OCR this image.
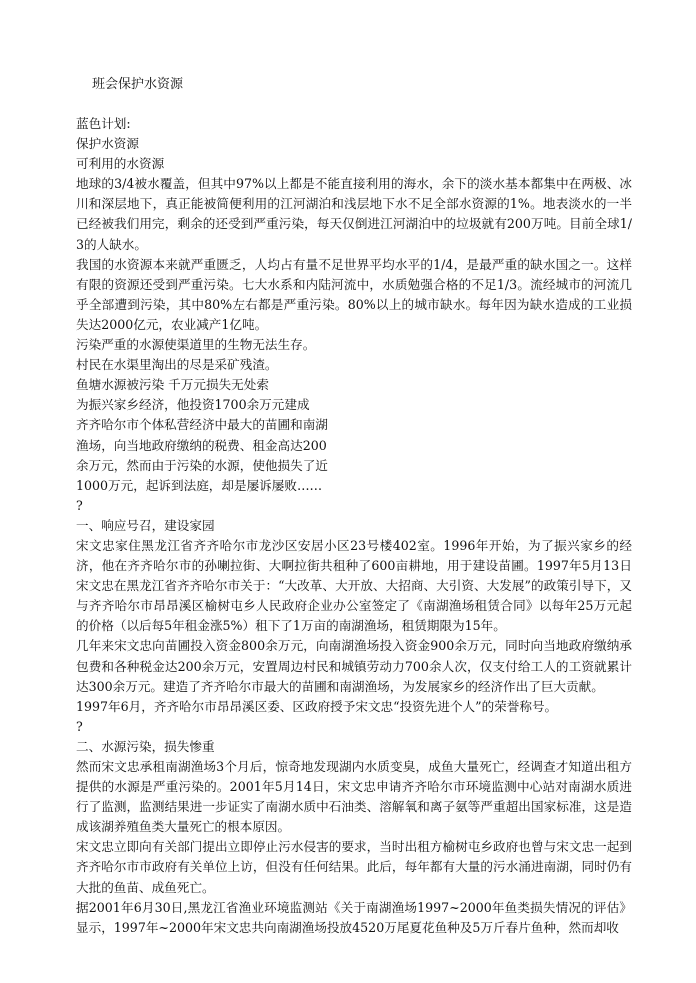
班会保护水资源
蓝色计划:
保护水资源
可利用的水资源
地球的3/4被水覆盖，但其中97%以上都是不能直接利用的海水，余下的淡水基本都集中在两极、冰川和深层地下，真正能被简便利用的江河湖泊和浅层地下水不足全部水资源的1%。地表淡水的一半已经被我们用完，剩余的还受到严重污染，每天仅倒进江河湖泊中的垃圾就有200万吨。目前全球1/3的人缺水。
我国的水资源本来就严重匮乏，人均占有量不足世界平均水平的1/4，是最严重的缺水国之一。这样有限的资源还受到严重污染。七大水系和内陆河流中，水质勉强合格的不足1/3。流经城市的河流几乎全部遭到污染，其中80%左右都是严重污染。80%以上的城市缺水。每年因为缺水造成的工业损失达2000亿元，农业减产1亿吨。
污染严重的水源使渠道里的生物无法生存。
村民在水渠里淘出的尽是采矿残渣。
鱼塘水源被污染 千万元损失无处索
为振兴家乡经济，他投资1700余万元建成
齐齐哈尔市个体私营经济中最大的苗圃和南湖
渔场，向当地政府缴纳的税费、租金高达200
余万元，然而由于污染的水源，使他损失了近
1000万元，起诉到法庭，却是屡诉屡败……
?
一、响应号召，建设家园
宋文忠家住黑龙江省齐齐哈尔市龙沙区安居小区23号楼402室。1996年开始，为了振兴家乡的经济，他在齐齐哈尔市的孙喇拉街、大啊拉街共租种了600亩耕地，用于建设苗圃。1997年5月13日宋文忠在黑龙江省齐齐哈尔市关于：“大改革、大开放、大招商、大引资、大发展”的政策引导下，又与齐齐哈尔市昂昂溪区榆树屯乡人民政府企业办公室签定了《南湖渔场租赁合同》以每年25万元起的价格（以后每5年租金涨5%）租下了1万亩的南湖渔场，租赁期限为15年。
几年来宋文忠向苗圃投入资金800余万元，向南湖渔场投入资金900余万元，同时向当地政府缴纳承包费和各种税金达200余万元，安置周边村民和城镇劳动力700余人次，仅支付给工人的工资就累计达300余万元。建造了齐齐哈尔市最大的苗圃和南湖渔场，为发展家乡的经济作出了巨大贡献。
1997年6月，齐齐哈尔市昂昂溪区委、区政府授予宋文忠“投资先进个人”的荣誉称号。
?
二、水源污染，损失惨重
然而宋文忠承租南湖渔场3个月后，惊奇地发现湖内水质变臭，成鱼大量死亡，经调查才知道出租方提供的水源是严重污染的。2001年5月14日，宋文忠申请齐齐哈尔市环境监测中心站对南湖水质进行了监测，监测结果进一步证实了南湖水质中石油类、溶解氧和离子氨等严重超出国家标准，这是造成该湖养殖鱼类大量死亡的根本原因。
宋文忠立即向有关部门提出立即停止污水侵害的要求，当时出租方榆树屯乡政府也曾与宋文忠一起到齐齐哈尔市市政府有关单位上访，但没有任何结果。此后，每年都有大量的污水涌进南湖，同时仍有大批的鱼苗、成鱼死亡。
据2001年6月30日,黑龙江省渔业环境监测站《关于南湖渔场1997~2000年鱼类损失情况的评估》显示，1997年~2000年宋文忠共向南湖渔场投放4520万尾夏花鱼种及5万斤春片鱼种，然而却收
